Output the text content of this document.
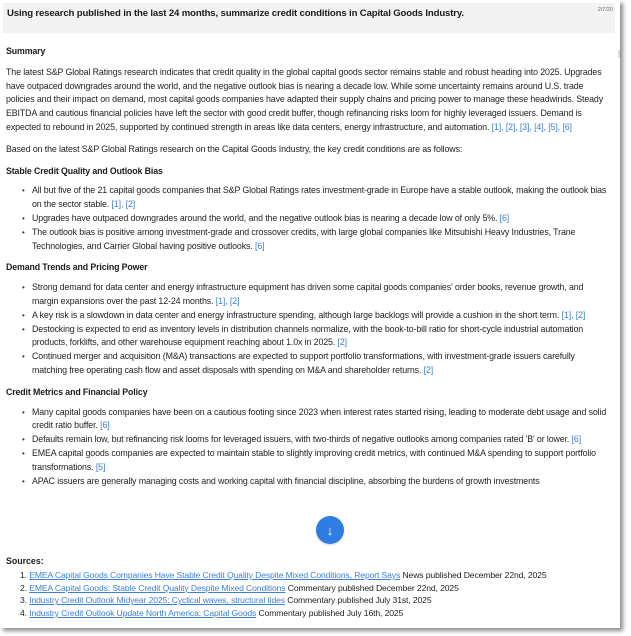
Using research published in the last 24 months, summarize credit conditions in Capital Goods Industry.	2/7/20
Summary

The latest S&P Global Ratings research indicates that credit quality in the global capital goods sector remains stable and robust heading into 2025. Upgrades have outpaced downgrades around the world, and the negative outlook bias is nearing a decade low. While some uncertainty remains around U.S. trade policies and their impact on demand, most capital goods companies have adapted their supply chains and pricing power to manage these headwinds. Steady EBITDA and cautious financial policies have left the sector with good credit buffer, though refinancing risks loom for highly leveraged issuers. Demand is expected to rebound in 2025, supported by continued strength in areas like data centers, energy infrastructure, and automation. [1], [2], [3], [4], [5], [6]

Based on the latest S&P Global Ratings research on the Capital Goods Industry, the key credit conditions are as follows:

Stable Credit Quality and Outlook Bias
• All but five of the 21 capital goods companies that S&P Global Ratings rates investment-grade in Europe have a stable outlook, making the outlook bias on the sector stable. [1], [2]
• Upgrades have outpaced downgrades around the world, and the negative outlook bias is nearing a decade low of only 5%. [6]
• The outlook bias is positive among investment-grade and crossover credits, with large global companies like Mitsubishi Heavy Industries, Trane Technologies, and Carrier Global having positive outlooks. [6]
Demand Trends and Pricing Power
• Strong demand for data center and energy infrastructure equipment has driven some capital goods companies' order books, revenue growth, and margin expansions over the past 12-24 months. [1], [2]
• A key risk is a slowdown in data center and energy infrastructure spending, although large backlogs will provide a cushion in the short term. [1], [2]
• Destocking is expected to end as inventory levels in distribution channels normalize, with the book-to-bill ratio for short-cycle industrial automation products, forklifts, and other warehouse equipment reaching about 1.0x in 2025. [2]
• Continued merger and acquisition (M&A) transactions are expected to support portfolio transformations, with investment-grade issuers carefully matching free operating cash flow and asset disposals with spending on M&A and shareholder returns. [2]
Credit Metrics and Financial Policy
• Many capital goods companies have been on a cautious footing since 2023 when interest rates started rising, leading to moderate debt usage and solid credit ratio buffer. [6]
• Defaults remain low, but refinancing risk looms for leveraged issuers, with two-thirds of negative outlooks among companies rated 'B' or lower. [6]
• EMEA capital goods companies are expected to maintain stable to slightly improving credit metrics, with continued M&A spending to support portfolio transformations. [5]
• APAC issuers are generally managing costs and working capital with financial discipline, absorbing the burdens of growth investments
↓
Sources:
1. EMEA Capital Goods Companies Have Stable Credit Quality Despite Mixed Conditions, Report Says News published December 22nd, 2025
2. EMEA Capital Goods: Stable Credit Quality Despite Mixed Conditions Commentary published December 22nd, 2025
3. Industry Credit Outlook Midyear 2025: Cyclical waves, structural tides Commentary published July 31st, 2025
4. Industry Credit Outlook Update North America: Capital Goods Commentary published July 16th, 2025
